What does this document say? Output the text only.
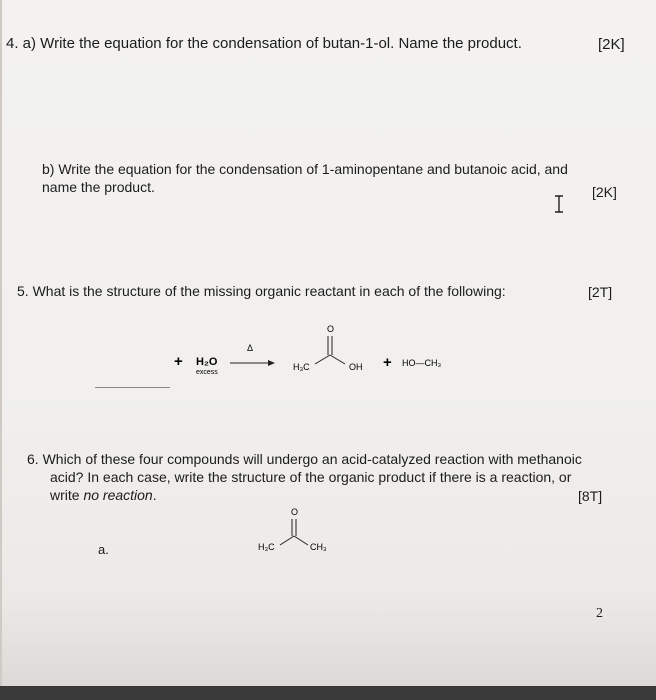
4. a) Write the equation for the condensation of butan-1-ol. Name the product.	[2K]
b) Write the equation for the condensation of 1-aminopentane and butanoic acid, and
name the product.	[2K]
5. What is the structure of the missing organic reactant in each of the following:	[2T]
+ H₂O
excess
Δ
H₃C
O
OH + HO—CH₃
6. Which of these four compounds will undergo an acid-catalyzed reaction with methanoic
acid? In each case, write the structure of the organic product if there is a reaction, or
write no reaction.	[8T]
a.
O
H₃C	CH₃
2
